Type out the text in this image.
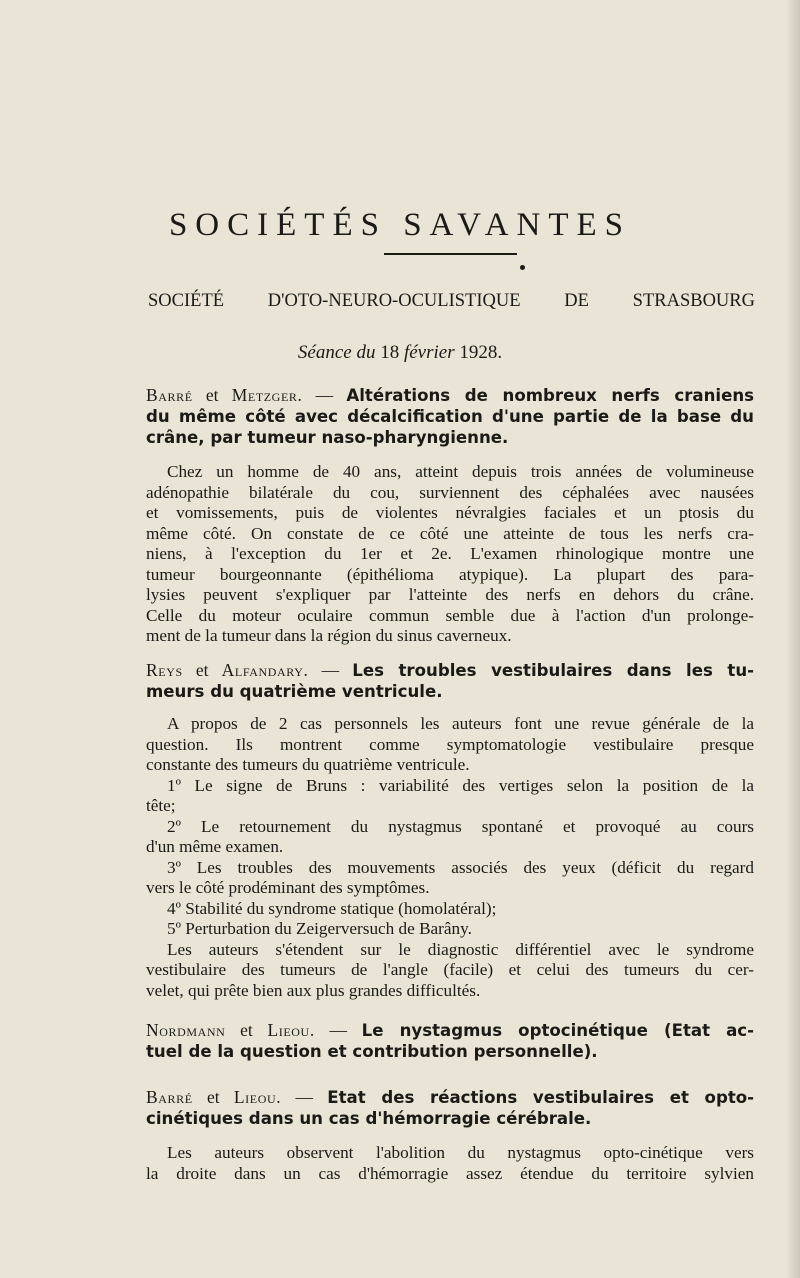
SOCIÉTÉS SAVANTES
SOCIÉTÉ D'OTO-NEURO-OCULISTIQUE DE STRASBOURG
Séance du 18 février 1928.
Barré et Metzger. — Altérations de nombreux nerfs craniens
du même côté avec décalcification d'une partie de la base du
crâne, par tumeur naso-pharyngienne.
Chez un homme de 40 ans, atteint depuis trois années de volumineuse
adénopathie bilatérale du cou, surviennent des céphalées avec nausées
et vomissements, puis de violentes névralgies faciales et un ptosis du
même côté. On constate de ce côté une atteinte de tous les nerfs cra-
niens, à l'exception du 1er et 2e. L'examen rhinologique montre une
tumeur bourgeonnante (épithélioma atypique). La plupart des para-
lysies peuvent s'expliquer par l'atteinte des nerfs en dehors du crâne.
Celle du moteur oculaire commun semble due à l'action d'un prolonge-
ment de la tumeur dans la région du sinus caverneux.
Reys et Alfandary. — Les troubles vestibulaires dans les tu-
meurs du quatrième ventricule.
A propos de 2 cas personnels les auteurs font une revue générale de la
question. Ils montrent comme symptomatologie vestibulaire presque
constante des tumeurs du quatrième ventricule.
1º Le signe de Bruns : variabilité des vertiges selon la position de la
tête;
2º Le retournement du nystagmus spontané et provoqué au cours
d'un même examen.
3º Les troubles des mouvements associés des yeux (déficit du regard
vers le côté prodéminant des symptômes.
4º Stabilité du syndrome statique (homolatéral);
5º Perturbation du Zeigerversuch de Barâny.
Les auteurs s'étendent sur le diagnostic différentiel avec le syndrome
vestibulaire des tumeurs de l'angle (facile) et celui des tumeurs du cer-
velet, qui prête bien aux plus grandes difficultés.
Nordmann et Lieou. — Le nystagmus optocinétique (Etat ac-
tuel de la question et contribution personnelle).
Barré et Lieou. — Etat des réactions vestibulaires et opto-
cinétiques dans un cas d'hémorragie cérébrale.
Les auteurs observent l'abolition du nystagmus opto-cinétique vers
la droite dans un cas d'hémorragie assez étendue du territoire sylvien
